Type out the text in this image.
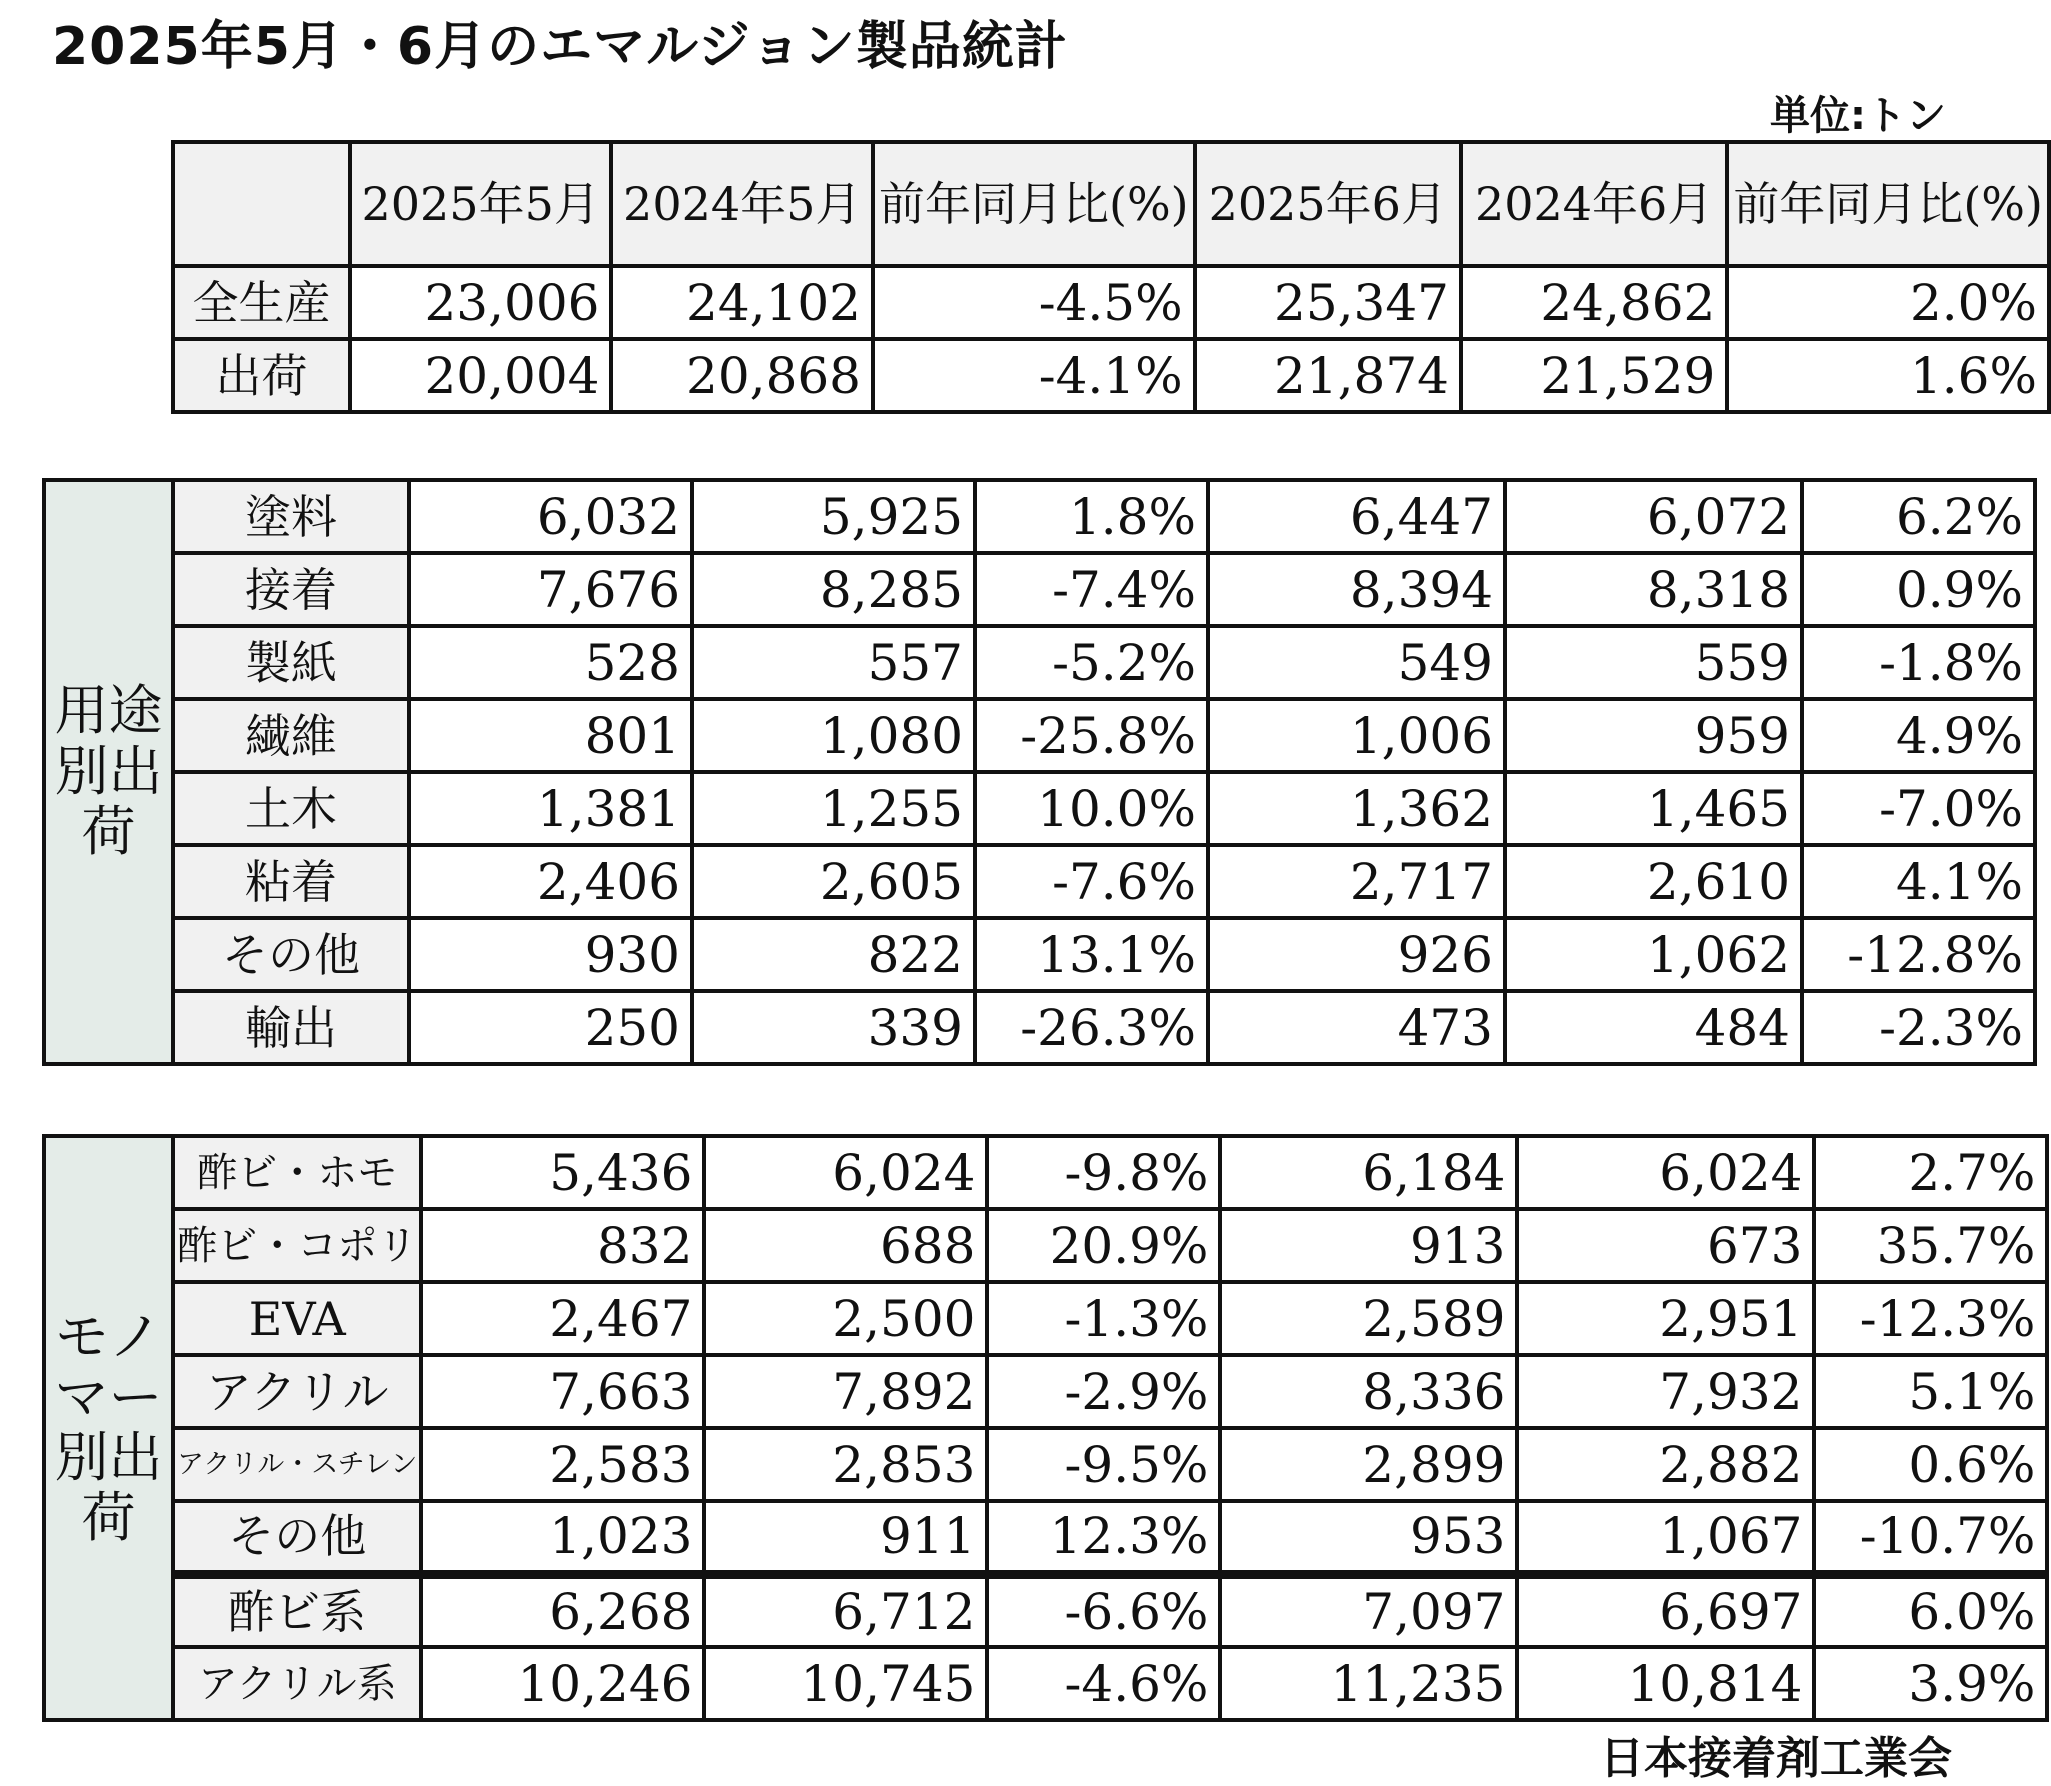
2025年5月・6月のエマルジョン製品統計
単位:トン
	2025年5月	2024年5月	前年同月比(%)	2025年6月	2024年6月	前年同月比(%)
全生産	23,006	24,102	-4.5%	25,347	24,862	2.0%
出荷	20,004	20,868	-4.1%	21,874	21,529	1.6%
用途別出荷	塗料	6,032	5,925	1.8%	6,447	6,072	6.2%
	接着	7,676	8,285	-7.4%	8,394	8,318	0.9%
	製紙	528	557	-5.2%	549	559	-1.8%
	繊維	801	1,080	-25.8%	1,006	959	4.9%
	土木	1,381	1,255	10.0%	1,362	1,465	-7.0%
	粘着	2,406	2,605	-7.6%	2,717	2,610	4.1%
	その他	930	822	13.1%	926	1,062	-12.8%
	輸出	250	339	-26.3%	473	484	-2.3%
モノマー別出荷	酢ビ・ホモ	5,436	6,024	-9.8%	6,184	6,024	2.7%
	酢ビ・コポリ	832	688	20.9%	913	673	35.7%
	EVA	2,467	2,500	-1.3%	2,589	2,951	-12.3%
	アクリル	7,663	7,892	-2.9%	8,336	7,932	5.1%
	アクリル・スチレン	2,583	2,853	-9.5%	2,899	2,882	0.6%
	その他	1,023	911	12.3%	953	1,067	-10.7%
	酢ビ系	6,268	6,712	-6.6%	7,097	6,697	6.0%
	アクリル系	10,246	10,745	-4.6%	11,235	10,814	3.9%
日本接着剤工業会
